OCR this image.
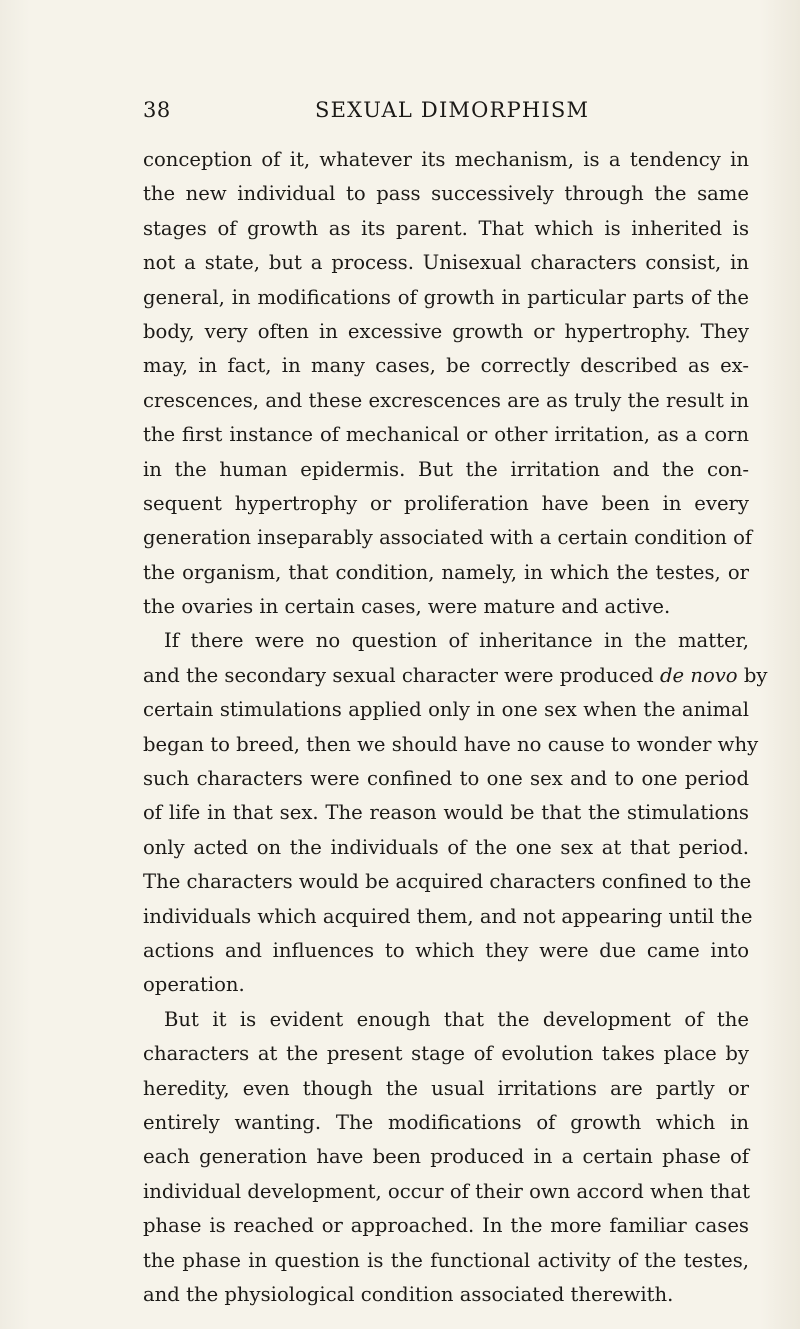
38	SEXUAL DIMORPHISM
conception of it, whatever its mechanism, is a tendency in
the new individual to pass successively through the same
stages of growth as its parent. That which is inherited is
not a state, but a process. Unisexual characters consist, in
general, in modifications of growth in particular parts of the
body, very often in excessive growth or hypertrophy. They
may, in fact, in many cases, be correctly described as ex-
crescences, and these excrescences are as truly the result in
the first instance of mechanical or other irritation, as a corn
in the human epidermis. But the irritation and the con-
sequent hypertrophy or proliferation have been in every
generation inseparably associated with a certain condition of
the organism, that condition, namely, in which the testes, or
the ovaries in certain cases, were mature and active.
If there were no question of inheritance in the matter,
and the secondary sexual character were produced de novo by
certain stimulations applied only in one sex when the animal
began to breed, then we should have no cause to wonder why
such characters were confined to one sex and to one period
of life in that sex. The reason would be that the stimulations
only acted on the individuals of the one sex at that period.
The characters would be acquired characters confined to the
individuals which acquired them, and not appearing until the
actions and influences to which they were due came into
operation.
But it is evident enough that the development of the
characters at the present stage of evolution takes place by
heredity, even though the usual irritations are partly or
entirely wanting. The modifications of growth which in
each generation have been produced in a certain phase of
individual development, occur of their own accord when that
phase is reached or approached. In the more familiar cases
the phase in question is the functional activity of the testes,
and the physiological condition associated therewith.
